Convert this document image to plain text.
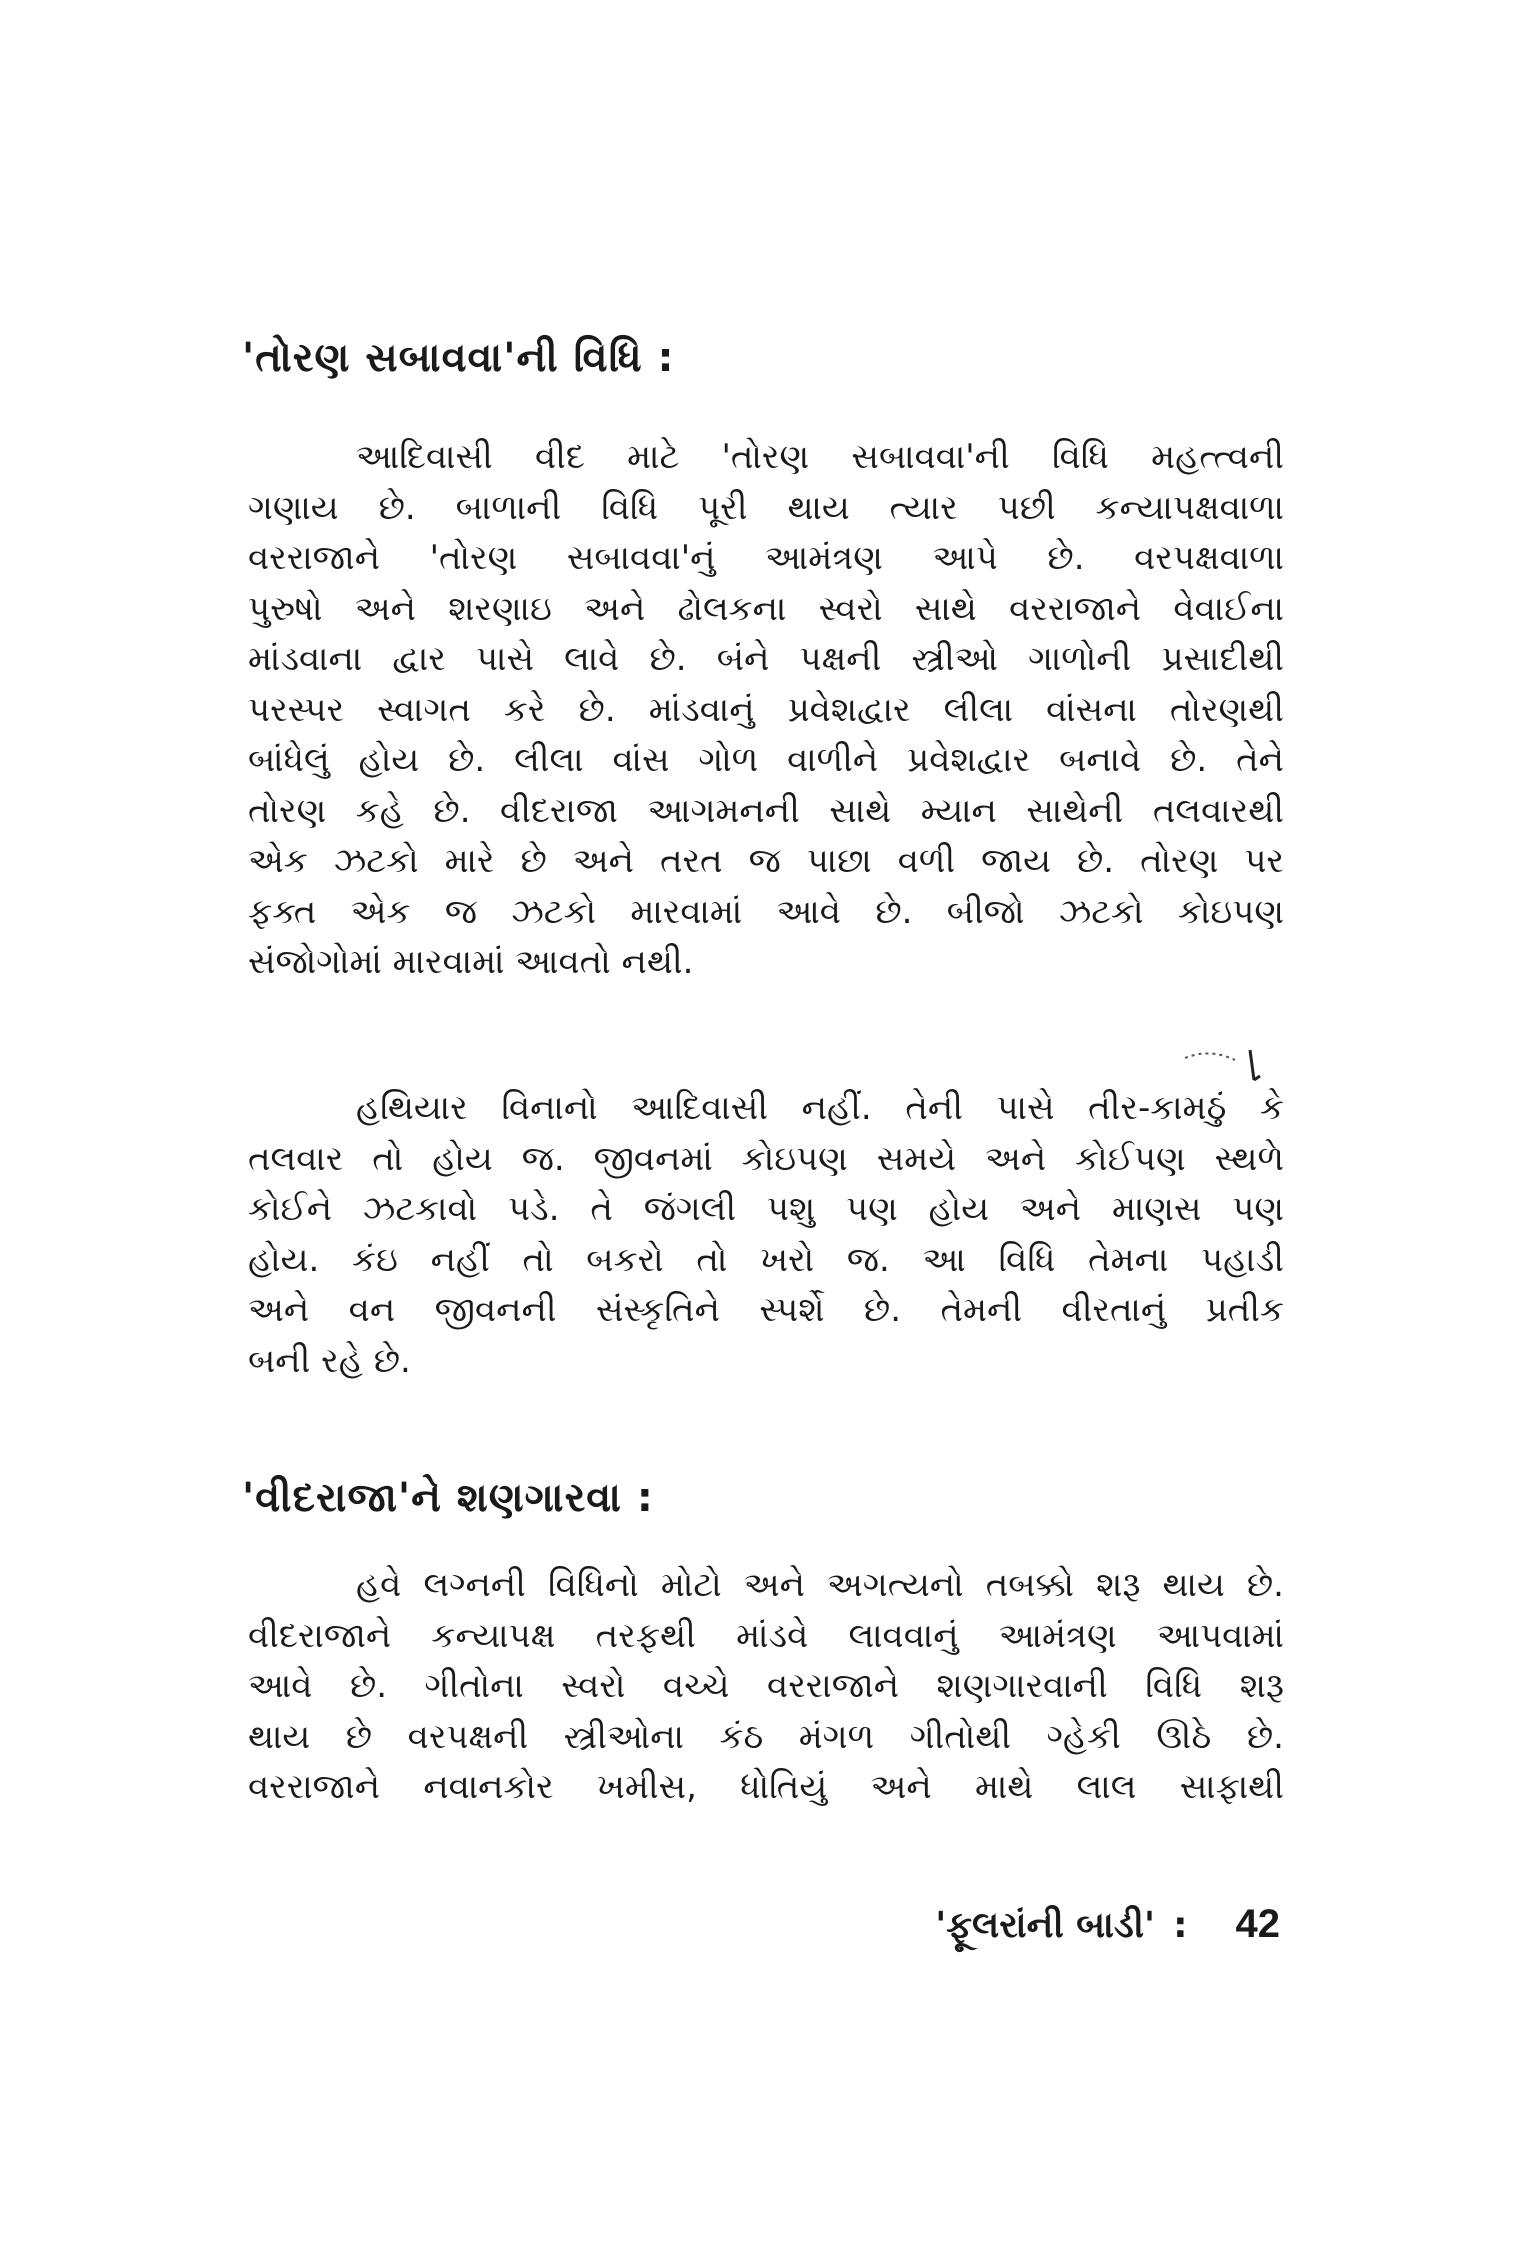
'તોરણ સબાવવા'ની વિધિ :
આદિવાસી વીદ માટે 'તોરણ સબાવવા'ની વિધિ મહત્ત્વની
ગણાય છે. બાળાની વિધિ પૂરી થાય ત્યાર પછી કન્યાપક્ષવાળા
વરરાજાને 'તોરણ સબાવવા'નું આમંત્રણ આપે છે. વરપક્ષવાળા
પુરુષો અને શરણાઇ અને ઢોલકના સ્વરો સાથે વરરાજાને વેવાઈના
માંડવાના દ્વાર પાસે લાવે છે. બંને પક્ષની સ્ત્રીઓ ગાળોની પ્રસાદીથી
પરસ્પર સ્વાગત કરે છે. માંડવાનું પ્રવેશદ્વાર લીલા વાંસના તોરણથી
બાંધેલું હોય છે. લીલા વાંસ ગોળ વાળીને પ્રવેશદ્વાર બનાવે છે. તેને
તોરણ કહે છે. વીદરાજા આગમનની સાથે મ્યાન સાથેની તલવારથી
એક ઝટકો મારે છે અને તરત જ પાછા વળી જાય છે. તોરણ પર
ફક્ત એક જ ઝટકો મારવામાં આવે છે. બીજો ઝટકો કોઇપણ
સંજોગોમાં મારવામાં આવતો નથી.
હથિયાર વિનાનો આદિવાસી નહીં. તેની પાસે તીર-કામઠું કે
તલવાર તો હોય જ. જીવનમાં કોઇપણ સમયે અને કોઈપણ સ્થળે
કોઈને ઝટકાવો પડે. તે જંગલી પશુ પણ હોય અને માણસ પણ
હોય. કંઇ નહીં તો બકરો તો ખરો જ. આ વિધિ તેમના પહાડી
અને વન જીવનની સંસ્કૃતિને સ્પર્શે છે. તેમની વીરતાનું પ્રતીક
બની રહે છે.
'વીદરાજા'ને શણગારવા :
હવે લગ્નની વિધિનો મોટો અને અગત્યનો તબક્કો શરૂ થાય છે.
વીદરાજાને કન્યાપક્ષ તરફથી માંડવે લાવવાનું આમંત્રણ આપવામાં
આવે છે. ગીતોના સ્વરો વચ્ચે વરરાજાને શણગારવાની વિધિ શરૂ
થાય છે વરપક્ષની સ્ત્રીઓના કંઠ મંગળ ગીતોથી ગ્હેકી ઊઠે છે.
વરરાજાને નવાનકોર ખમીસ, ધોતિયું અને માથે લાલ સાફાથી
'ફૂલરાંની બાડી' : 42
